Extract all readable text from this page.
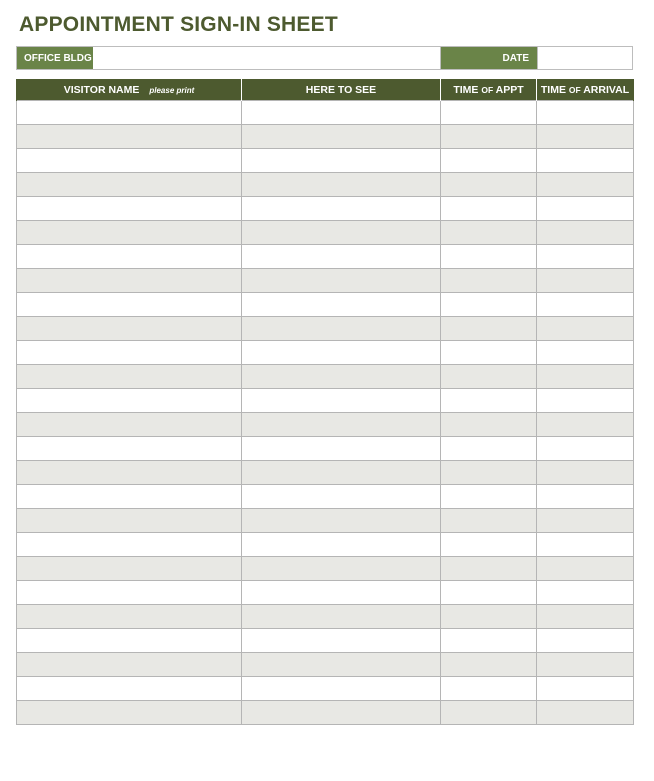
APPOINTMENT SIGN-IN SHEET
OFFICE BLDG	DATE
VISITOR NAME please print	HERE TO SEE	TIME OF APPT	TIME OF ARRIVAL
